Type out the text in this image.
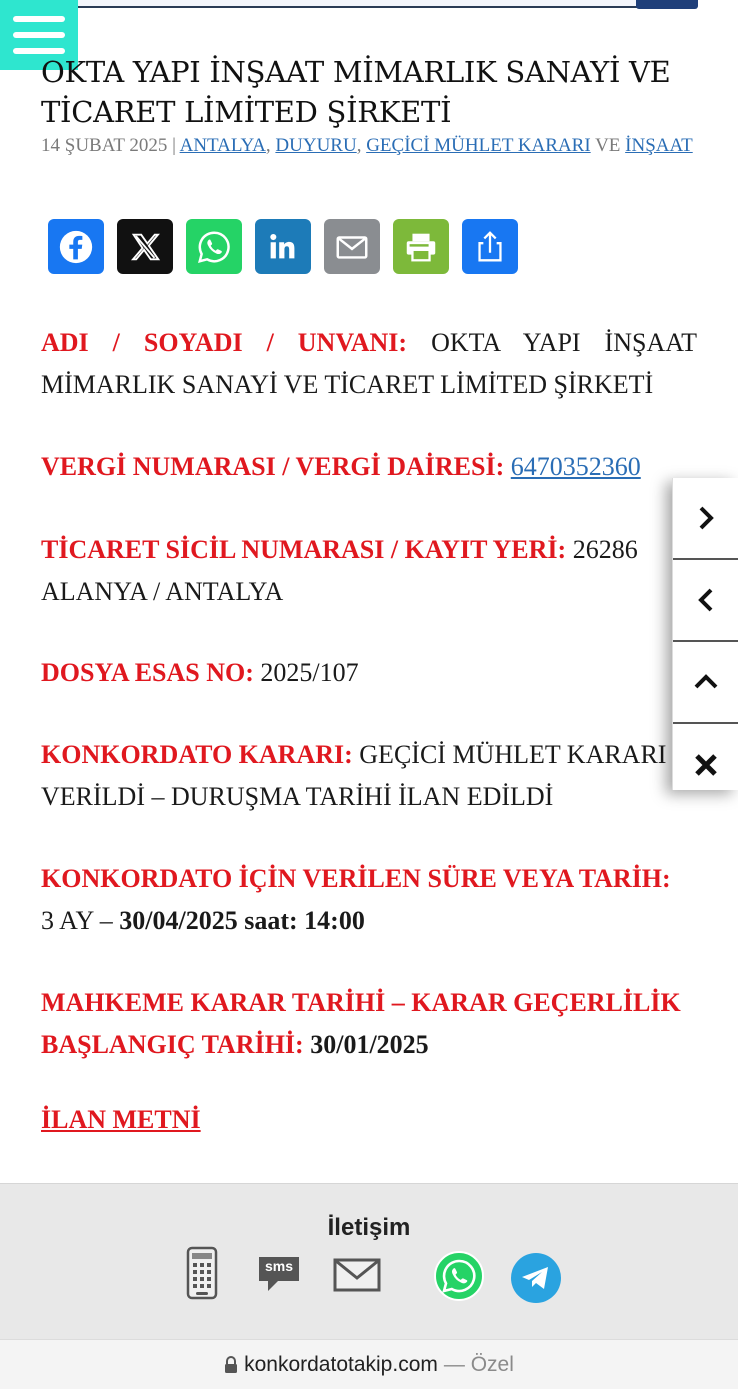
OKTA YAPI İNŞAAT MİMARLIK SANAYİ VE TİCARET LİMİTED ŞİRKETİ
14 ŞUBAT 2025 | ANTALYA, DUYURU, GEÇİCİ MÜHLET KARARI VE İNŞAAT

ADI / SOYADI / UNVANI: OKTA YAPI İNŞAAT MİMARLIK SANAYİ VE TİCARET LİMİTED ŞİRKETİ

VERGİ NUMARASI / VERGİ DAİRESİ: 6470352360

TİCARET SİCİL NUMARASI / KAYIT YERİ: 26286

ALANYA / ANTALYA

DOSYA ESAS NO: 2025/107

KONKORDATO KARARI: GEÇİCİ MÜHLET KARARI VERİLDİ – DURUŞMA TARİHİ İLAN EDİLDİ

KONKORDATO İÇİN VERİLEN SÜRE VEYA TARİH:
3 AY – 30/04/2025 saat: 14:00

MAHKEME KARAR TARİHİ – KARAR GEÇERLİLİK BAŞLANGIÇ TARİHİ: 30/01/2025

İLAN METNİ
İletişim
sms
konkordatotakip.com — Özel
